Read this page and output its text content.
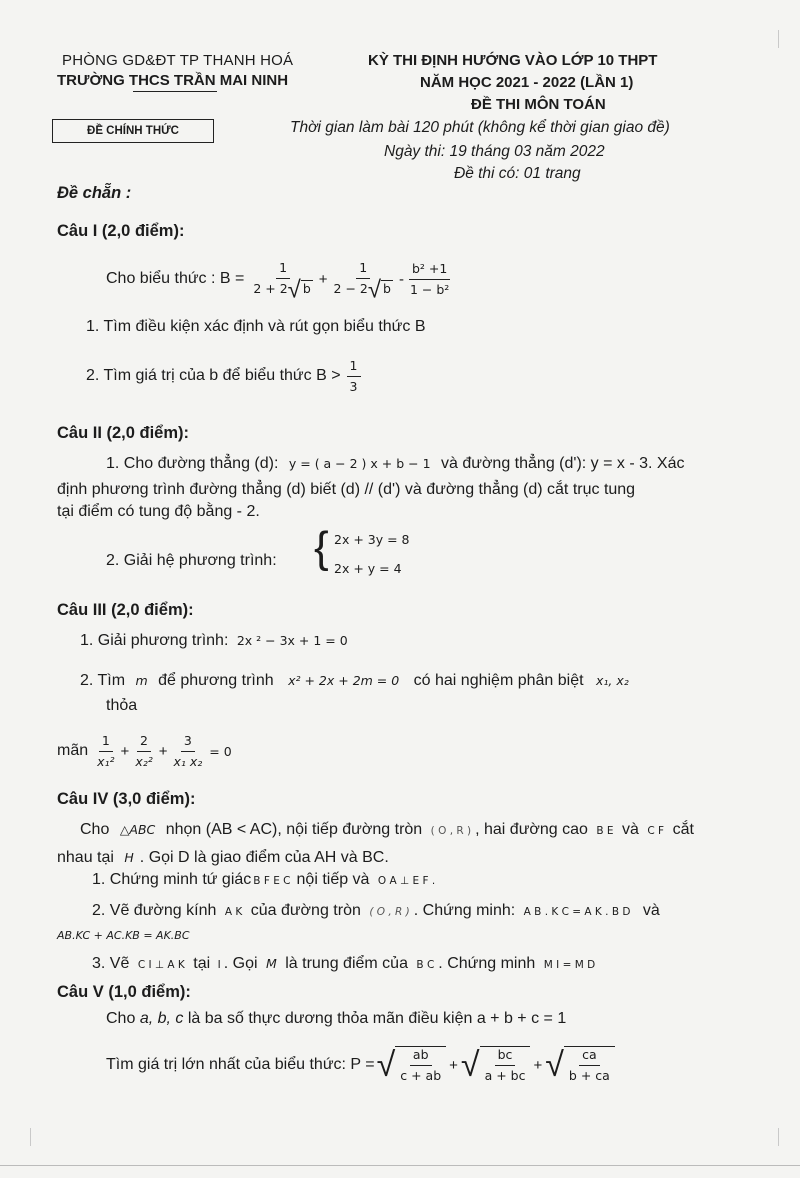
PHÒNG GD&ĐT TP THANH HOÁ
TRƯỜNG THCS TRẦN MAI NINH
KỲ THI ĐỊNH HƯỚNG VÀO LỚP 10 THPT
NĂM HỌC 2021 - 2022 (LẦN 1)
ĐỀ THI MÔN TOÁN
ĐỀ CHÍNH THỨC	Thời gian làm bài 120 phút (không kể thời gian giao đề)
Ngày thi: 19 tháng 03 năm 2022
Đề thi có: 01 trang
Đề chẵn :
Câu I (2,0 điểm):
Cho biểu thức : $B = \frac{1}{2 + 2√ b} + \frac{1}{2 - 2√ b} - \frac{\text{b² +1}}{\text{1 − b²}}$
1. Tìm điều kiện xác định và rút gọn biểu thức B
2. Tìm giá trị của b để biểu thức $B > \frac{1}{3}$
Câu II (2,0 điểm):
1. Cho đường thẳng (d): y = ( a − 2 ) x + b − 1 và đường thẳng (d'): y = x - 3. Xác
định phương trình đường thẳng (d) biết (d) // (d') và đường thẳng (d) cắt trục tung
tại điểm có tung độ bằng - 2.
2. Giải hệ phương trình: { 2x + 3y = 8
2x + y = 4
Câu III (2,0 điểm):
1. Giải phương trình: 2x ² − 3x + 1 = 0
2. Tìm m để phương trình x² + 2x + 2m = 0 có hai nghiệm phân biệt x₁, x₂
thỏa
mãn $\frac{1}{\text{x₁²}} + \frac{2}{\text{x₂²}} + \frac{3}{\text{x₁ x₂}} = 0$
Câu IV (3,0 điểm):
Cho △ABC nhọn (AB < AC), nội tiếp đường tròn ( O , R ) , hai đường cao B E và C F cắt
nhau tại H . Gọi D là giao điểm của AH và BC.
1. Chứng minh tứ giác B F E C nội tiếp và O A ⊥ E F .
2. Vẽ đường kính A K của đường tròn ( O , R ) . Chứng minh: A B . K C = A K . B D và
AB.KC + AC.KB = AK.BC
3. Vẽ C I ⊥ A K tại I . Gọi M là trung điểm của B C . Chứng minh M I = M D
Câu V (1,0 điểm):
Cho a, b, c là ba số thực dương thỏa mãn điều kiện a + b + c = 1
Tìm giá trị lớn nhất của biểu thức: P = √ $\frac{ab}{c + ab}$ + √ $\frac{bc}{a + bc}$ + √ $\frac{ca}{b + ca}$
